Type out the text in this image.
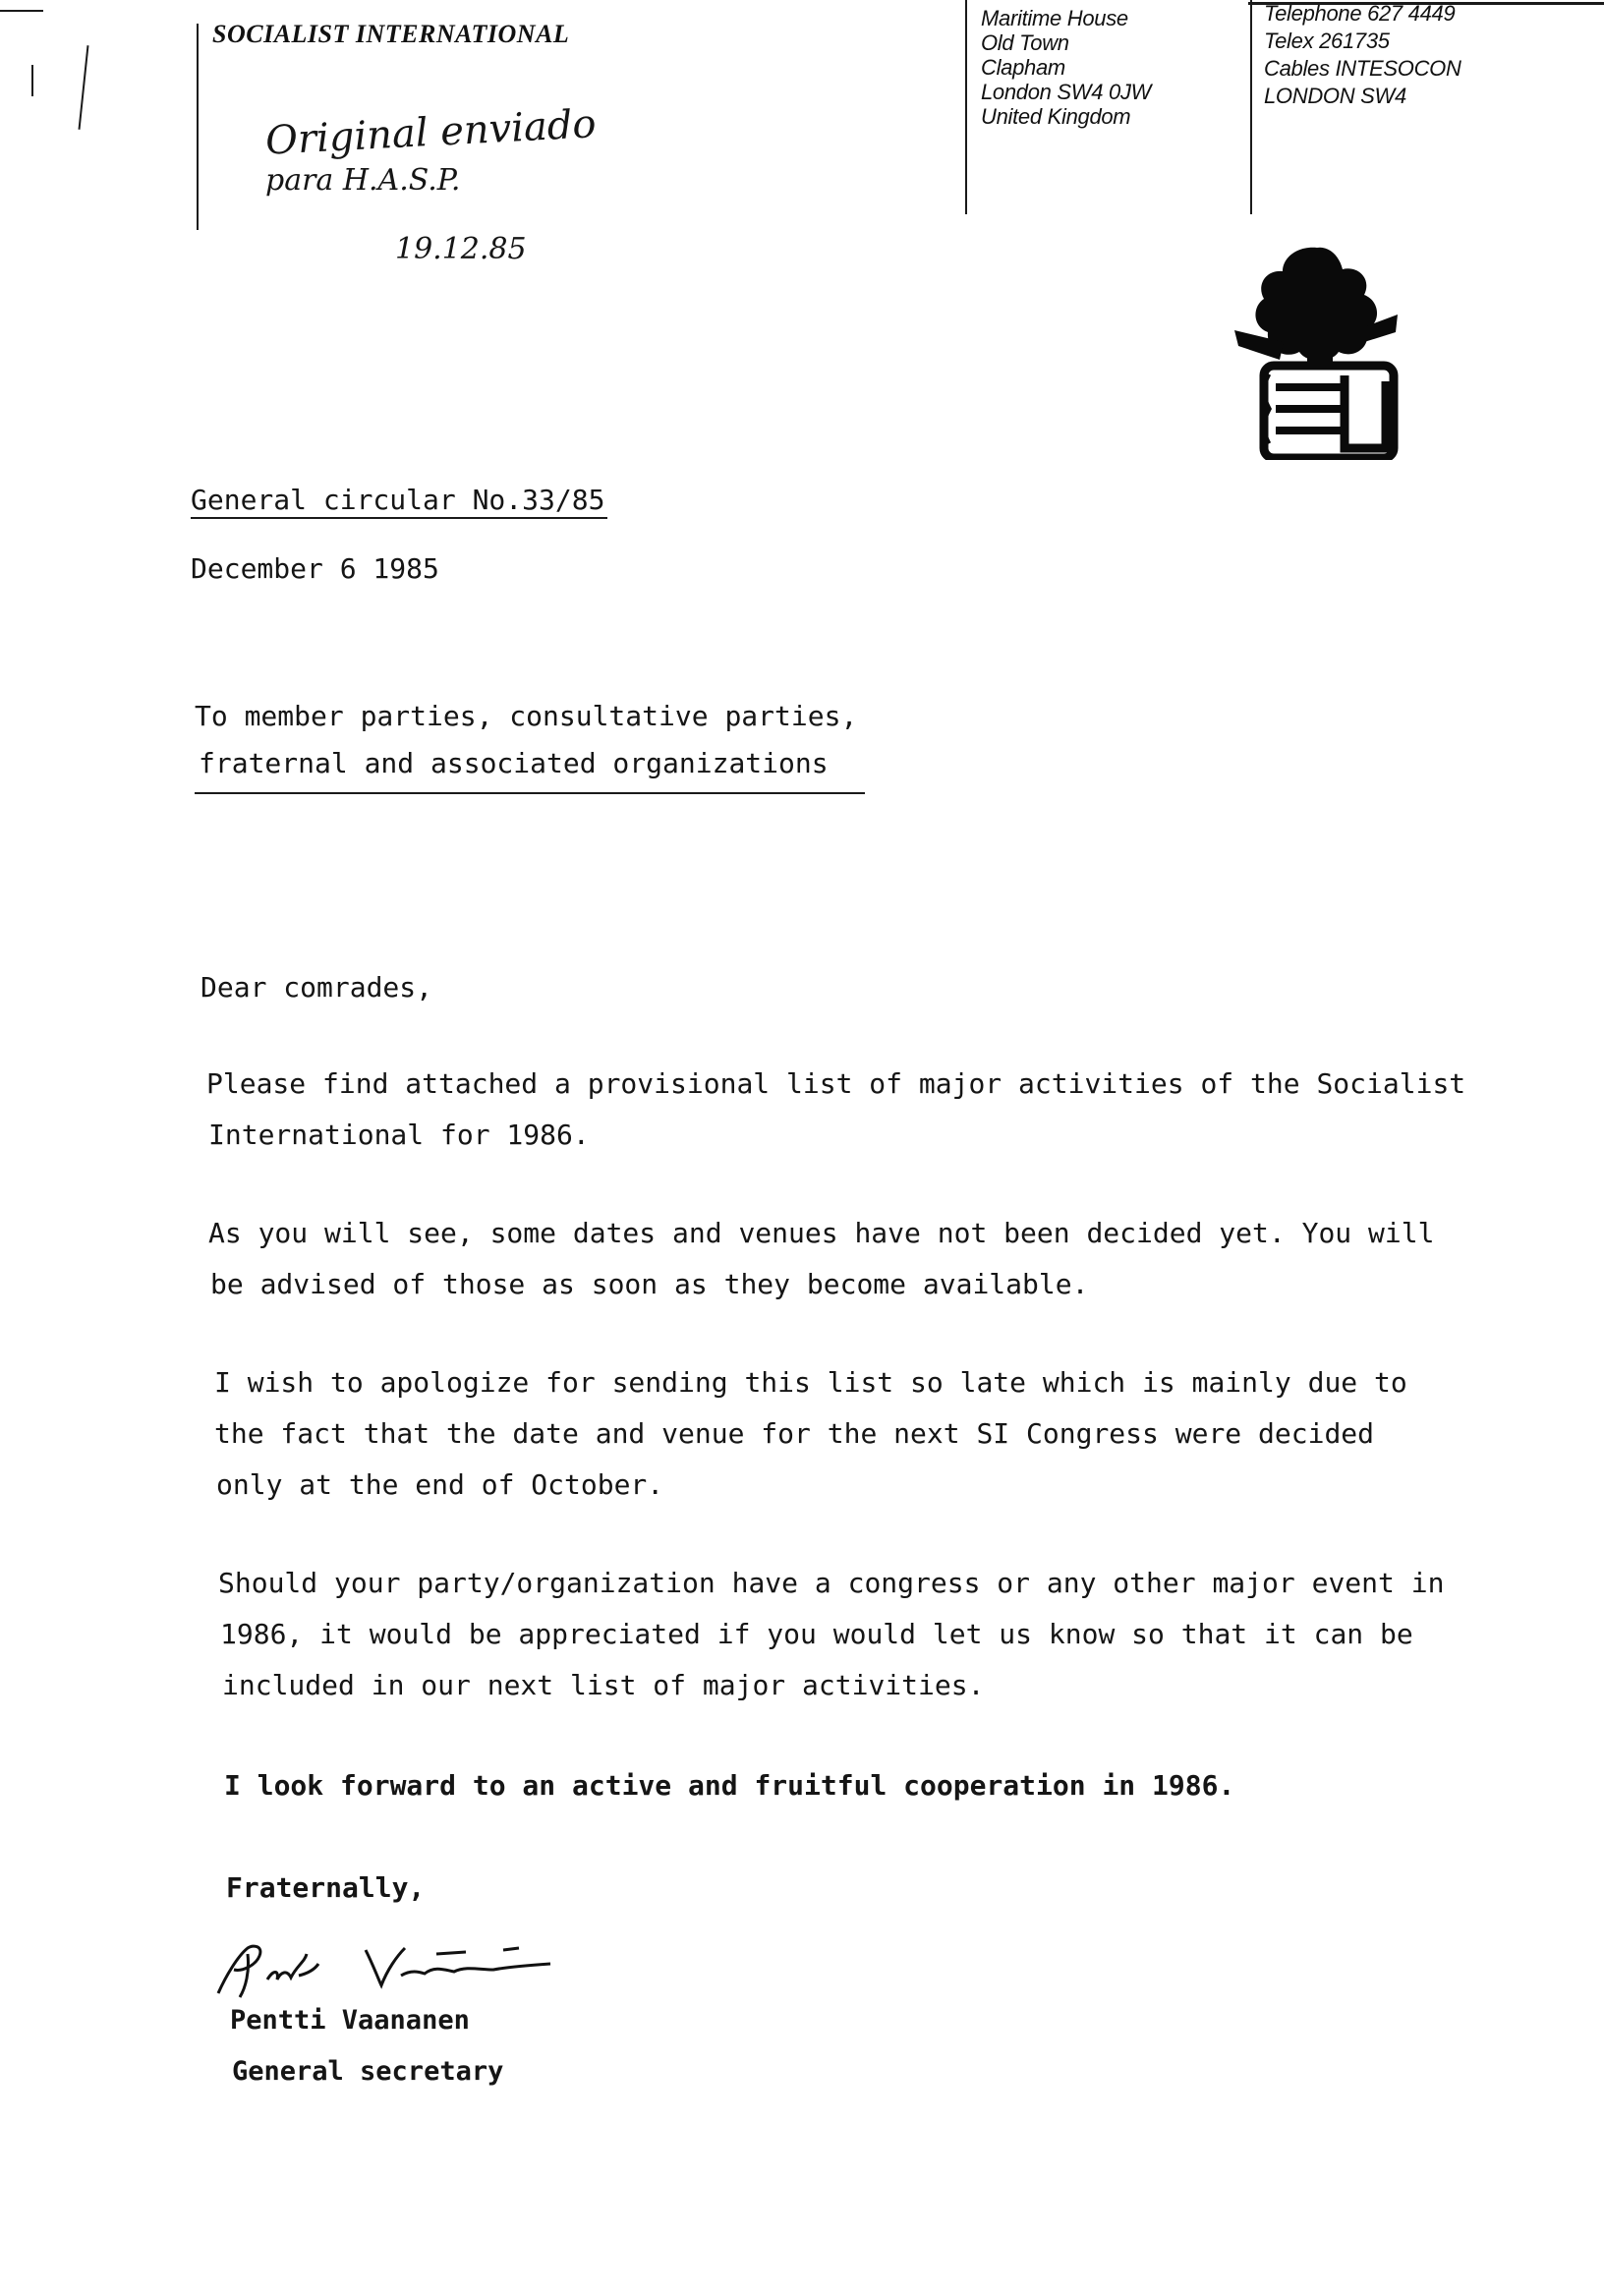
SOCIALIST INTERNATIONAL
Maritime House
Old Town
Clapham
London SW4 0JW
United Kingdom
Telephone 627 4449
Telex 261735
Cables INTESOCON
LONDON SW4
Original enviado
para H.A.S.P.
19.12.85
General circular No.33/85
December 6 1985
To member parties, consultative parties,
fraternal and associated organizations
Dear comrades,
Please find attached a provisional list of major activities of the Socialist
International for 1986.
As you will see, some dates and venues have not been decided yet. You will
be advised of those as soon as they become available.
I wish to apologize for sending this list so late which is mainly due to
the fact that the date and venue for the next SI Congress were decided
only at the end of October.
Should your party/organization have a congress or any other major event in
1986, it would be appreciated if you would let us know so that it can be
included in our next list of major activities.
I look forward to an active and fruitful cooperation in 1986.
Fraternally,
Pentti Vaananen
General secretary
